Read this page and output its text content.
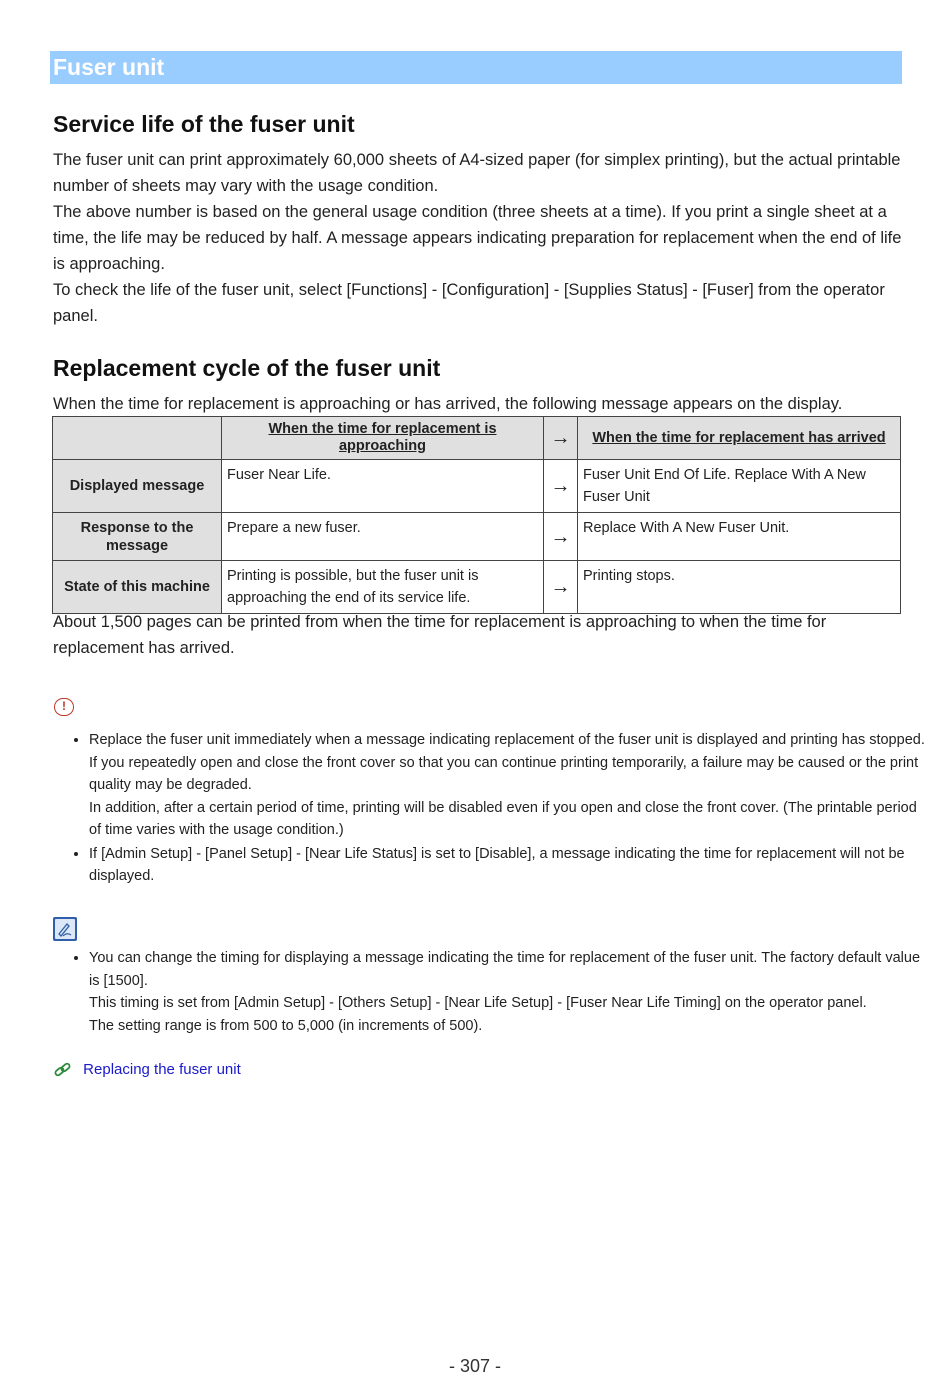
Fuser unit
Service life of the fuser unit
The fuser unit can print approximately 60,000 sheets of A4-sized paper (for simplex printing), but the actual printable number of sheets may vary with the usage condition.
The above number is based on the general usage condition (three sheets at a time). If you print a single sheet at a time, the life may be reduced by half. A message appears indicating preparation for replacement when the end of life is approaching.
To check the life of the fuser unit, select [Functions] - [Configuration] - [Supplies Status] - [Fuser] from the operator panel.
Replacement cycle of the fuser unit
When the time for replacement is approaching or has arrived, the following message appears on the display.
	When the time for replacement is approaching	→	When the time for replacement has arrived
Displayed message	Fuser Near Life.	→	Fuser Unit End Of Life. Replace With A New Fuser Unit
Response to the message	Prepare a new fuser.	→	Replace With A New Fuser Unit.
State of this machine	Printing is possible, but the fuser unit is approaching the end of its service life.	→	Printing stops.
About 1,500 pages can be printed from when the time for replacement is approaching to when the time for replacement has arrived.
!
• Replace the fuser unit immediately when a message indicating replacement of the fuser unit is displayed and printing has stopped.
If you repeatedly open and close the front cover so that you can continue printing temporarily, a failure may be caused or the print quality may be degraded.
In addition, after a certain period of time, printing will be disabled even if you open and close the front cover. (The printable period of time varies with the usage condition.)
• If [Admin Setup] - [Panel Setup] - [Near Life Status] is set to [Disable], a message indicating the time for replacement will not be displayed.
• You can change the timing for displaying a message indicating the time for replacement of the fuser unit. The factory default value is [1500].
This timing is set from [Admin Setup] - [Others Setup] - [Near Life Setup] - [Fuser Near Life Timing] on the operator panel.
The setting range is from 500 to 5,000 (in increments of 500).
Replacing the fuser unit
- 307 -
